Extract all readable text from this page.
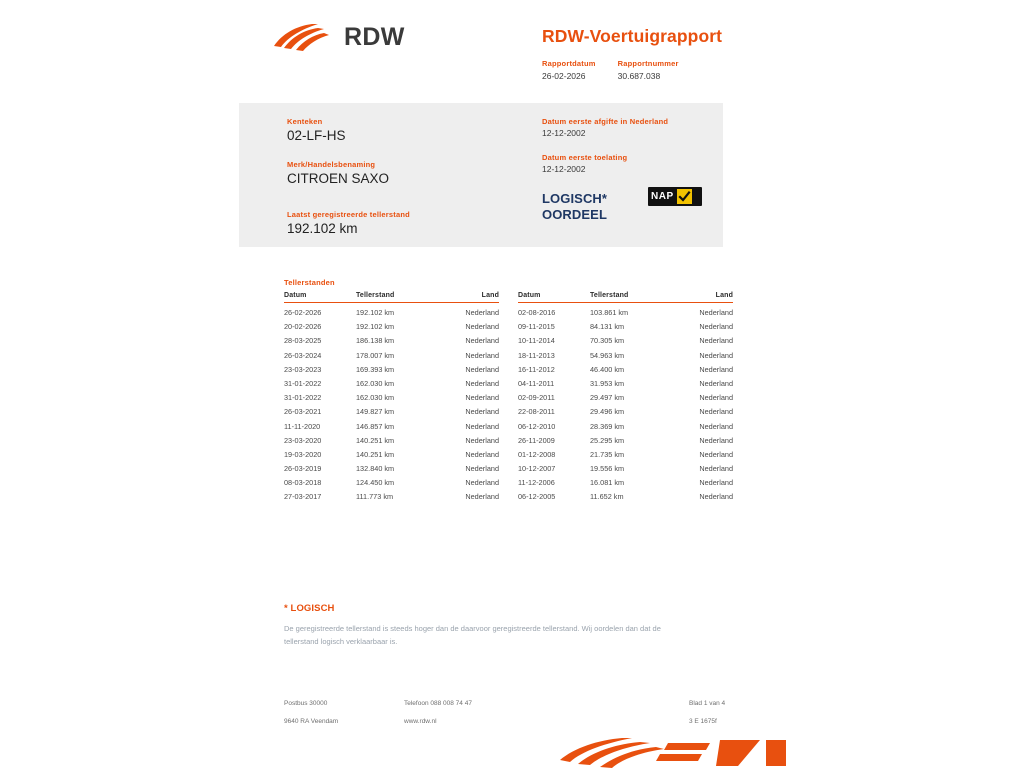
RDW	RDW-Voertuigrapport
Rapportdatum
26-02-2026
Rapportnummer
30.687.038

Kenteken

02-LF-HS

Merk/Handelsbenaming

CITROEN SAXO

Laatst geregistreerde tellerstand

192.102 km

Datum eerste afgifte in Nederland

12-12-2002

Datum eerste toelating

12-12-2002

LOGISCH*
OORDEEL
NAP
Tellerstanden
Datum	Tellerstand	Land
26-02-2026	192.102 km	Nederland
20-02-2026	192.102 km	Nederland
28-03-2025	186.138 km	Nederland
26-03-2024	178.007 km	Nederland
23-03-2023	169.393 km	Nederland
31-01-2022	162.030 km	Nederland
31-01-2022	162.030 km	Nederland
26-03-2021	149.827 km	Nederland
11-11-2020	146.857 km	Nederland
23-03-2020	140.251 km	Nederland
19-03-2020	140.251 km	Nederland
26-03-2019	132.840 km	Nederland
08-03-2018	124.450 km	Nederland
27-03-2017	111.773 km	Nederland
Datum	Tellerstand	Land
02-08-2016	103.861 km	Nederland
09-11-2015	84.131 km	Nederland
10-11-2014	70.305 km	Nederland
18-11-2013	54.963 km	Nederland
16-11-2012	46.400 km	Nederland
04-11-2011	31.953 km	Nederland
02-09-2011	29.497 km	Nederland
22-08-2011	29.496 km	Nederland
06-12-2010	28.369 km	Nederland
26-11-2009	25.295 km	Nederland
01-12-2008	21.735 km	Nederland
10-12-2007	19.556 km	Nederland
11-12-2006	16.081 km	Nederland
06-12-2005	11.652 km	Nederland
* LOGISCH
De geregistreerde tellerstand is steeds hoger dan de daarvoor geregistreerde tellerstand. Wij oordelen dan dat de
tellerstand logisch verklaarbaar is.
Postbus 30000
9640 RA Veendam
Telefoon 088 008 74 47
www.rdw.nl
Blad 1 van 4
3 E 1675f
